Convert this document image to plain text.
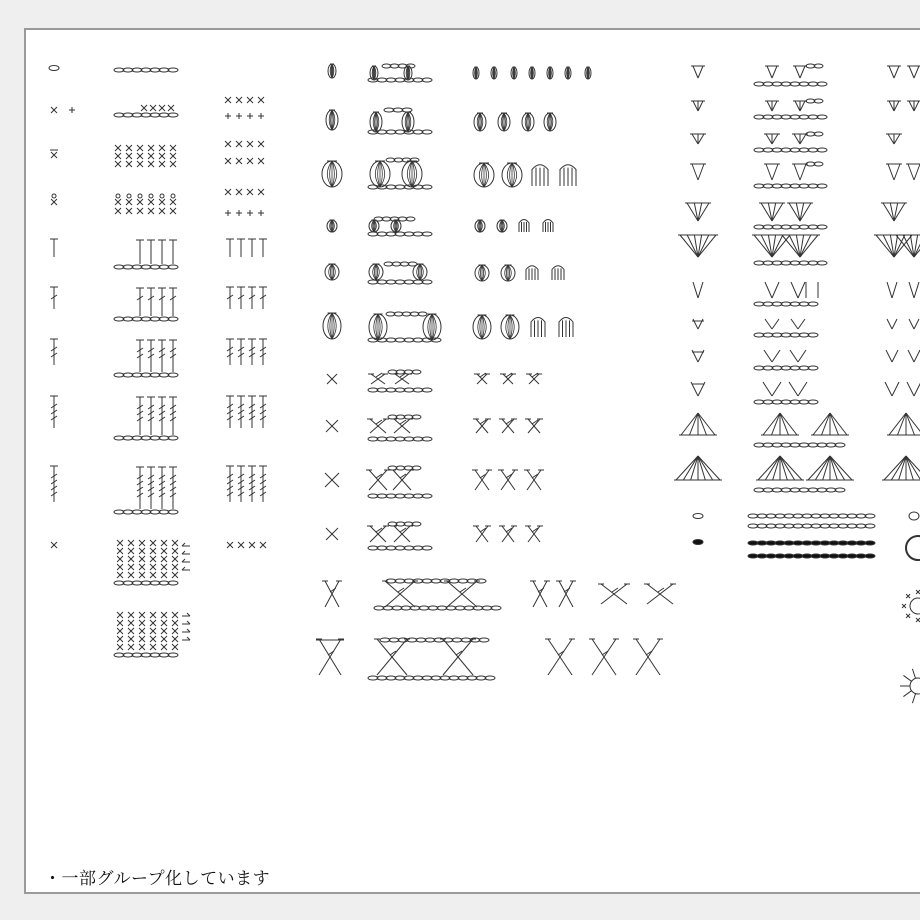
・一部グループ化しています
